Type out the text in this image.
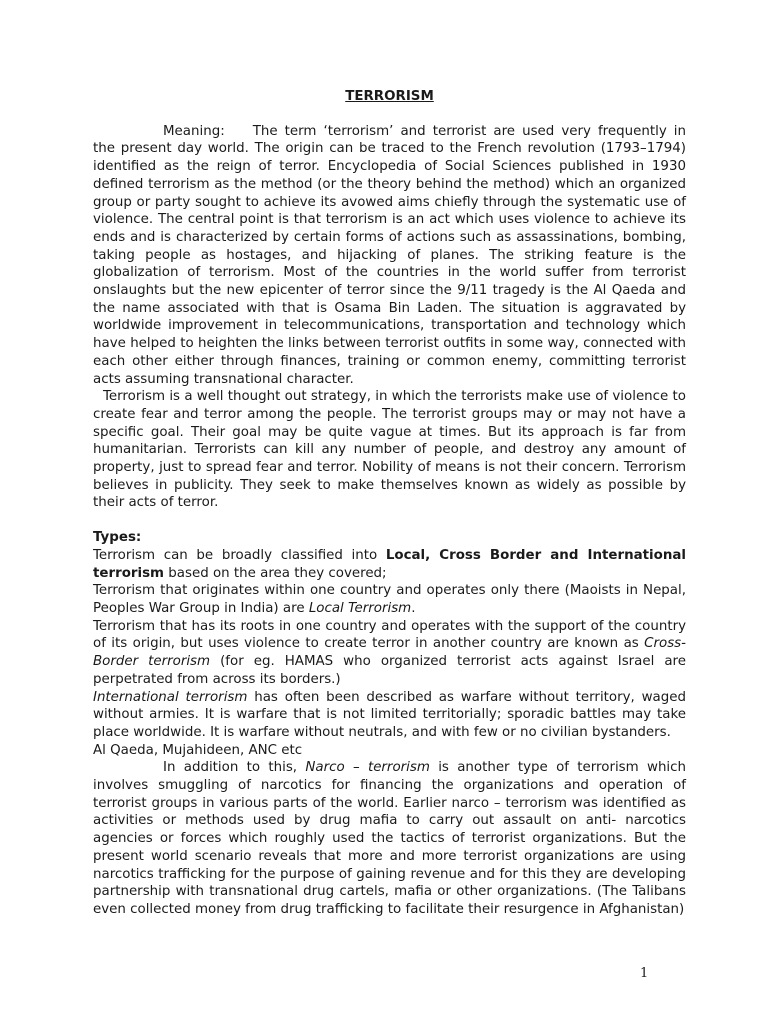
TERRORISM

Meaning: The term ‘terrorism’ and terrorist are used very frequently in the present day world. The origin can be traced to the French revolution (1793–1794) identified as the reign of terror. Encyclopedia of Social Sciences published in 1930 defined terrorism as the method (or the theory behind the method) which an organized group or party sought to achieve its avowed aims chiefly through the systematic use of violence. The central point is that terrorism is an act which uses violence to achieve its ends and is characterized by certain forms of actions such as assassinations, bombing, taking people as hostages, and hijacking of planes. The striking feature is the globalization of terrorism. Most of the countries in the world suffer from terrorist onslaughts but the new epicenter of terror since the 9/11 tragedy is the Al Qaeda and the name associated with that is Osama Bin Laden. The situation is aggravated by worldwide improvement in telecommunications, transportation and technology which have helped to heighten the links between terrorist outfits in some way, connected with each other either through finances, training or common enemy, committing terrorist acts assuming transnational character.

Terrorism is a well thought out strategy, in which the terrorists make use of violence to create fear and terror among the people. The terrorist groups may or may not have a specific goal. Their goal may be quite vague at times. But its approach is far from humanitarian. Terrorists can kill any number of people, and destroy any amount of property, just to spread fear and terror. Nobility of means is not their concern. Terrorism believes in publicity. They seek to make themselves known as widely as possible by their acts of terror.

Types:

Terrorism can be broadly classified into Local, Cross Border and International terrorism based on the area they covered;

Terrorism that originates within one country and operates only there (Maoists in Nepal, Peoples War Group in India) are Local Terrorism.

Terrorism that has its roots in one country and operates with the support of the country of its origin, but uses violence to create terror in another country are known as Cross-Border terrorism (for eg. HAMAS who organized terrorist acts against Israel are perpetrated from across its borders.)

International terrorism has often been described as warfare without territory, waged without armies. It is warfare that is not limited territorially; sporadic battles may take place worldwide. It is warfare without neutrals, and with few or no civilian bystanders.

Al Qaeda, Mujahideen, ANC etc

In addition to this, Narco – terrorism is another type of terrorism which involves smuggling of narcotics for financing the organizations and operation of terrorist groups in various parts of the world. Earlier narco – terrorism was identified as activities or methods used by drug mafia to carry out assault on anti- narcotics agencies or forces which roughly used the tactics of terrorist organizations. But the present world scenario reveals that more and more terrorist organizations are using narcotics trafficking for the purpose of gaining revenue and for this they are developing partnership with transnational drug cartels, mafia or other organizations. (The Talibans even collected money from drug trafficking to facilitate their resurgence in Afghanistan)

1
